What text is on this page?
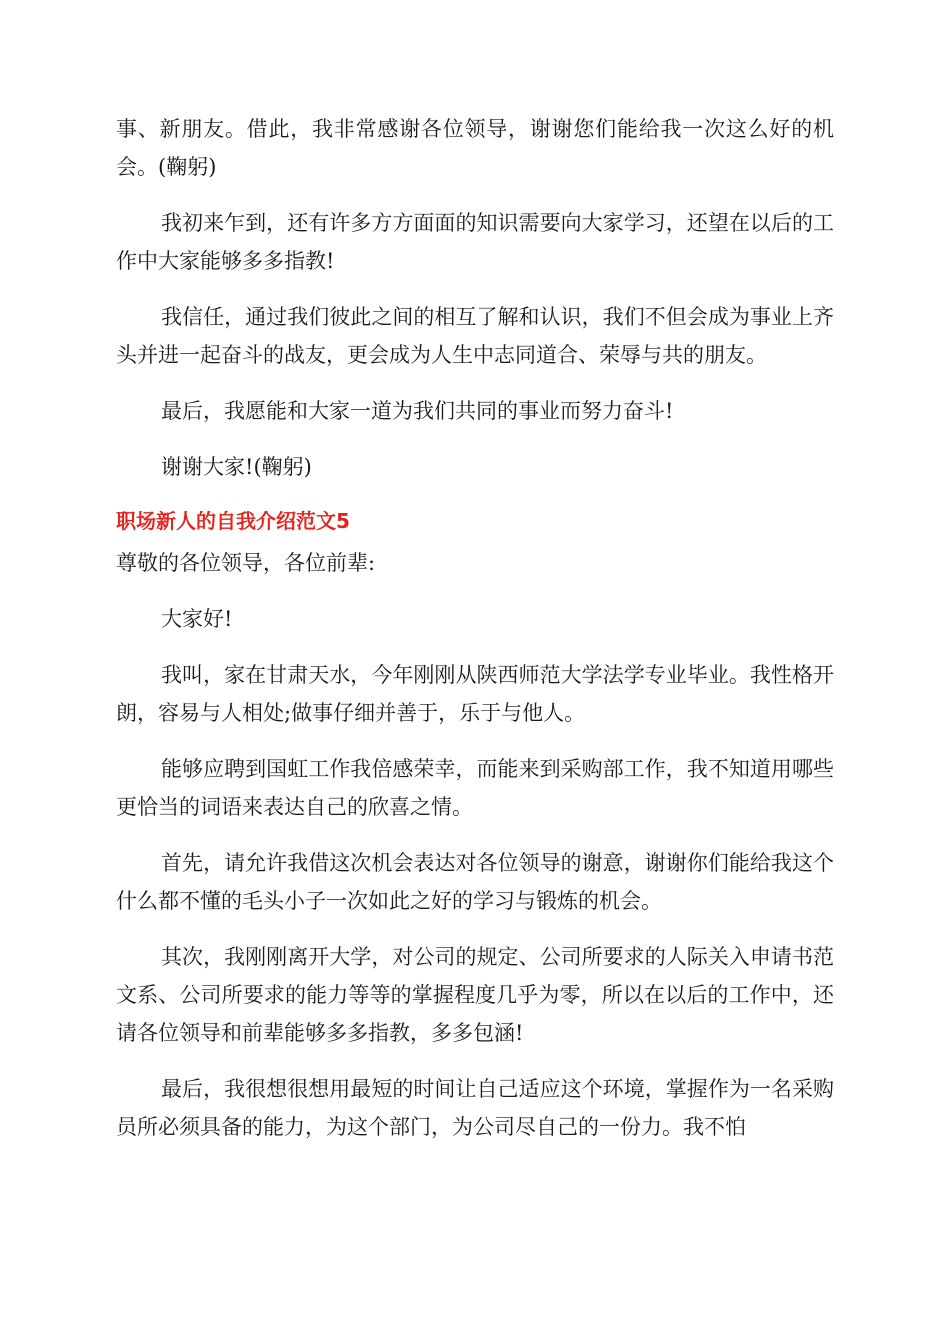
事、新朋友。借此，我非常感谢各位领导，谢谢您们能给我一次这么好的机会。(鞠躬)

我初来乍到，还有许多方方面面的知识需要向大家学习，还望在以后的工作中大家能够多多指教!

我信任，通过我们彼此之间的相互了解和认识，我们不但会成为事业上齐头并进一起奋斗的战友，更会成为人生中志同道合、荣辱与共的朋友。

最后，我愿能和大家一道为我们共同的事业而努力奋斗!

谢谢大家!(鞠躬)

职场新人的自我介绍范文5

尊敬的各位领导，各位前辈:

大家好!

我叫，家在甘肃天水，今年刚刚从陕西师范大学法学专业毕业。我性格开朗，容易与人相处;做事仔细并善于，乐于与他人。

能够应聘到国虹工作我倍感荣幸，而能来到采购部工作，我不知道用哪些更恰当的词语来表达自己的欣喜之情。

首先，请允许我借这次机会表达对各位领导的谢意，谢谢你们能给我这个什么都不懂的毛头小子一次如此之好的学习与锻炼的机会。

其次，我刚刚离开大学，对公司的规定、公司所要求的人际关入申请书范文系、公司所要求的能力等等的掌握程度几乎为零，所以在以后的工作中，还请各位领导和前辈能够多多指教，多多包涵!

最后，我很想很想用最短的时间让自己适应这个环境，掌握作为一名采购员所必须具备的能力，为这个部门，为公司尽自己的一份力。我不怕
